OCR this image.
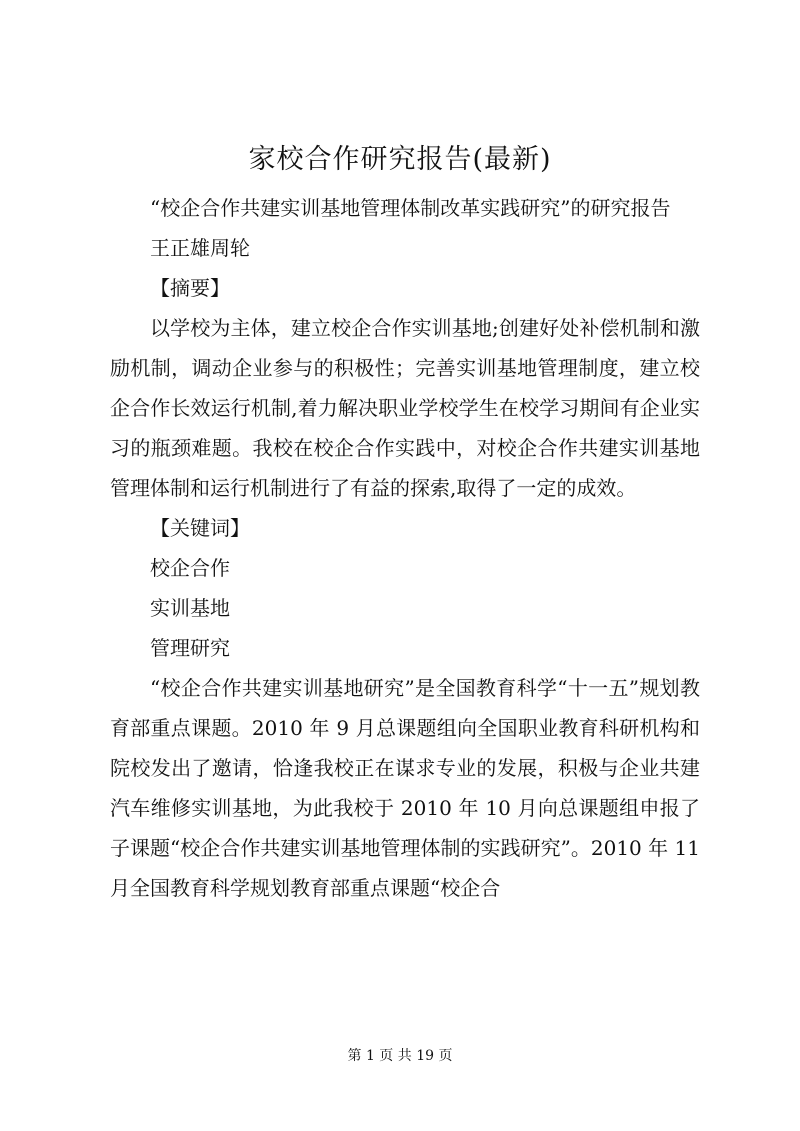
家校合作研究报告(最新)

“校企合作共建实训基地管理体制改革实践研究”的研究报告

王正雄周轮

【摘要】

以学校为主体，建立校企合作实训基地;创建好处补偿机制和激励机制，调动企业参与的积极性；完善实训基地管理制度，建立校企合作长效运行机制,着力解决职业学校学生在校学习期间有企业实习的瓶颈难题。我校在校企合作实践中，对校企合作共建实训基地管理体制和运行机制进行了有益的探索,取得了一定的成效。

【关键词】

校企合作

实训基地

管理研究

“校企合作共建实训基地研究”是全国教育科学“十一五”规划教育部重点课题。2010 年 9 月总课题组向全国职业教育科研机构和院校发出了邀请，恰逢我校正在谋求专业的发展，积极与企业共建汽车维修实训基地，为此我校于 2010 年 10 月向总课题组申报了子课题“校企合作共建实训基地管理体制的实践研究”。2010 年 11 月全国教育科学规划教育部重点课题“校企合

第 1 页 共 19 页
